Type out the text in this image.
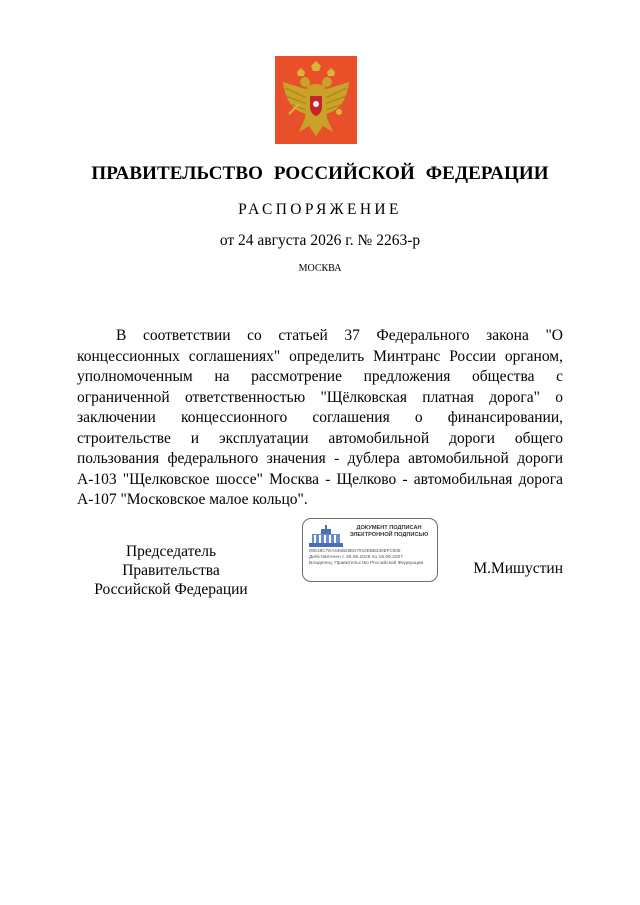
ПРАВИТЕЛЬСТВО РОССИЙСКОЙ ФЕДЕРАЦИИ
РАСПОРЯЖЕНИЕ
от 24 августа 2026 г. № 2263-р
МОСКВА

В соответствии со статьей 37 Федерального закона "О концессионных соглашениях" определить Минтранс России органом, уполномоченным на рассмотрение предложения общества с ограниченной ответственностью "Щёлковская платная дорога" о заключении концессионного соглашения о финансировании, строительстве и эксплуатации автомобильной дороги общего пользования федерального значения - дублера автомобильной дороги А-103 "Щелковское шоссе" Москва - Щелково - автомобильная дорога А-107 "Московское малое кольцо".

Председатель Правительства
Российской Федерации
ДОКУМЕНТ ПОДПИСАН
ЭЛЕКТРОННОЙ ПОДПИСЬЮ
00E48C7EA446B26ED7910EBB330EFC905
Действителен с 26.06.2026 по 19.09.2027
Владелец: Правительство Российской Федерации	М.Мишустин
